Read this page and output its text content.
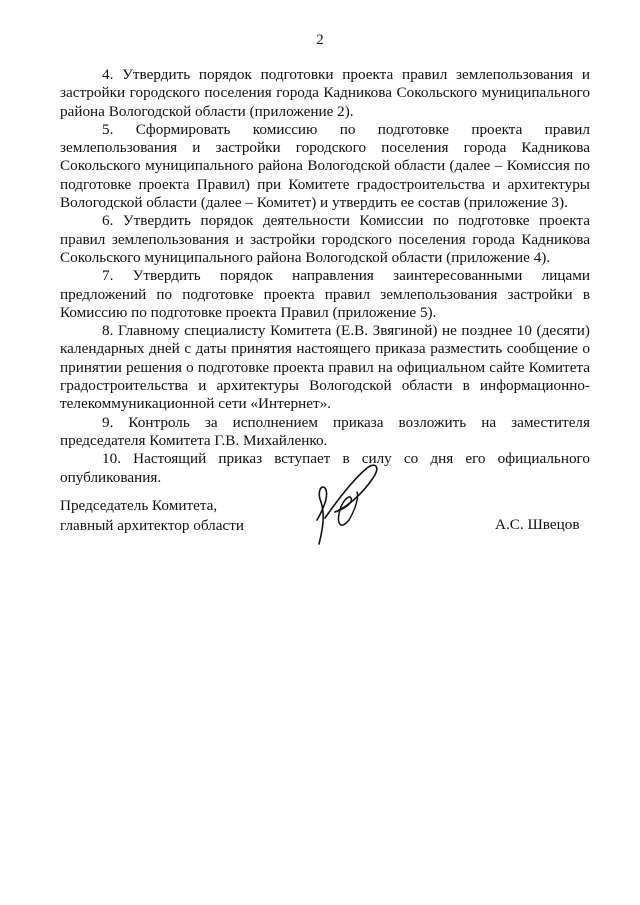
2

4. Утвердить порядок подготовки проекта правил землепользования и застройки городского поселения города Кадникова Сокольского муниципального района Вологодской области (приложение 2).

5. Сформировать комиссию по подготовке проекта правил землепользования и застройки городского поселения города Кадникова Сокольского муниципального района Вологодской области (далее – Комиссия по подготовке проекта Правил) при Комитете градостроительства и архитектуры Вологодской области (далее – Комитет) и утвердить ее состав (приложение 3).

6. Утвердить порядок деятельности Комиссии по подготовке проекта правил землепользования и застройки городского поселения города Кадникова Сокольского муниципального района Вологодской области (приложение 4).

7. Утвердить порядок направления заинтересованными лицами предложений по подготовке проекта правил землепользования застройки в Комиссию по подготовке проекта Правил (приложение 5).

8. Главному специалисту Комитета (Е.В. Звягиной) не позднее 10 (десяти) календарных дней с даты принятия настоящего приказа разместить сообщение о принятии решения о подготовке проекта правил на официальном сайте Комитета градостроительства и архитектуры Вологодской области в информационно-телекоммуникационной сети «Интернет».

9. Контроль за исполнением приказа возложить на заместителя председателя Комитета Г.В. Михайленко.

10. Настоящий приказ вступает в силу со дня его официального опубликования.

Председатель Комитета,
главный архитектор области	А.С. Швецов
